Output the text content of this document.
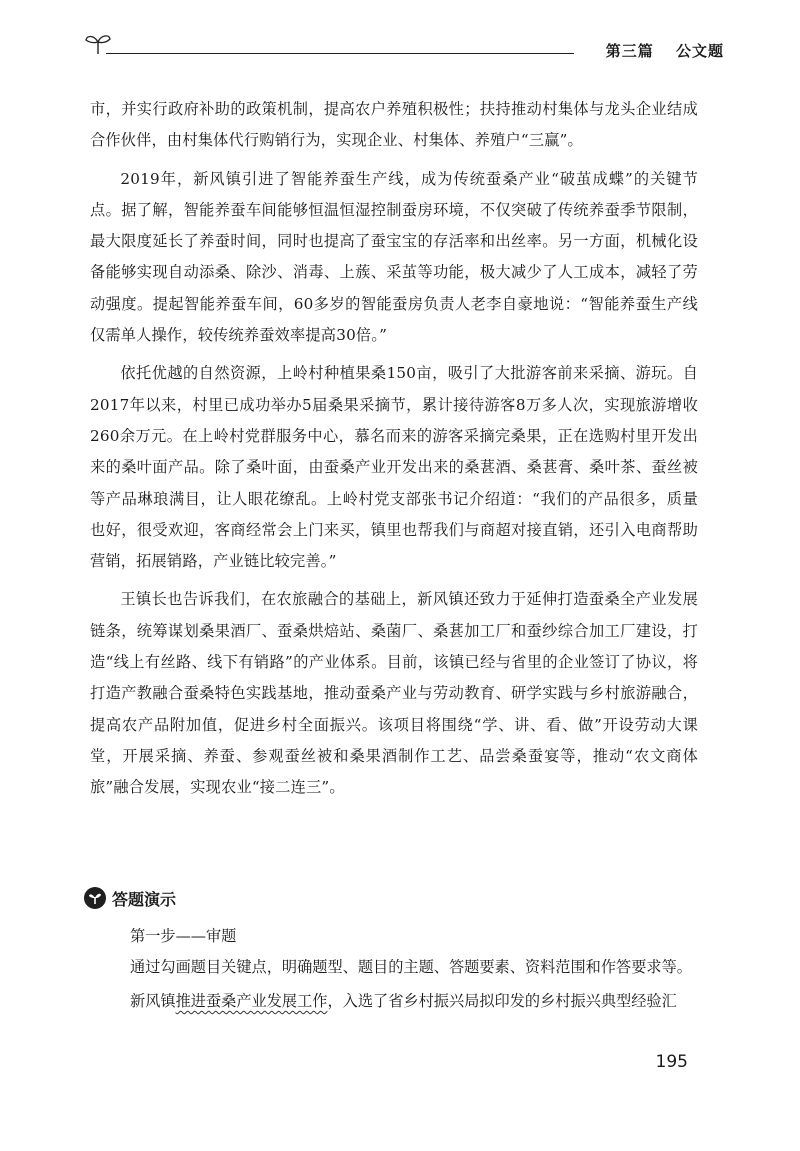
第三篇 公文题

市，并实行政府补助的政策机制，提高农户养殖积极性；扶持推动村集体与龙头企业结成合作伙伴，由村集体代行购销行为，实现企业、村集体、养殖户“三赢”。

2019年，新风镇引进了智能养蚕生产线，成为传统蚕桑产业“破茧成蝶”的关键节点。据了解，智能养蚕车间能够恒温恒湿控制蚕房环境，不仅突破了传统养蚕季节限制，最大限度延长了养蚕时间，同时也提高了蚕宝宝的存活率和出丝率。另一方面，机械化设备能够实现自动添桑、除沙、消毒、上蔟、采茧等功能，极大减少了人工成本，减轻了劳动强度。提起智能养蚕车间，60多岁的智能蚕房负责人老李自豪地说：“智能养蚕生产线仅需单人操作，较传统养蚕效率提高30倍。”

依托优越的自然资源，上岭村种植果桑150亩，吸引了大批游客前来采摘、游玩。自2017年以来，村里已成功举办5届桑果采摘节，累计接待游客8万多人次，实现旅游增收260余万元。在上岭村党群服务中心，慕名而来的游客采摘完桑果，正在选购村里开发出来的桑叶面产品。除了桑叶面，由蚕桑产业开发出来的桑葚酒、桑葚膏、桑叶茶、蚕丝被等产品琳琅满目，让人眼花缭乱。上岭村党支部张书记介绍道：“我们的产品很多，质量也好，很受欢迎，客商经常会上门来买，镇里也帮我们与商超对接直销，还引入电商帮助营销，拓展销路，产业链比较完善。”

王镇长也告诉我们，在农旅融合的基础上，新风镇还致力于延伸打造蚕桑全产业发展链条，统筹谋划桑果酒厂、蚕桑烘焙站、桑菌厂、桑葚加工厂和蚕纱综合加工厂建设，打造“线上有丝路、线下有销路”的产业体系。目前，该镇已经与省里的企业签订了协议，将打造产教融合蚕桑特色实践基地，推动蚕桑产业与劳动教育、研学实践与乡村旅游融合，提高农产品附加值，促进乡村全面振兴。该项目将围绕“学、讲、看、做”开设劳动大课堂，开展采摘、养蚕、参观蚕丝被和桑果酒制作工艺、品尝桑蚕宴等，推动“农文商体旅”融合发展，实现农业“接二连三”。

答题演示
第一步——审题
通过勾画题目关键点，明确题型、题目的主题、答题要素、资料范围和作答要求等。
新风镇推进蚕桑产业发展工作，入选了省乡村振兴局拟印发的乡村振兴典型经验汇
195
